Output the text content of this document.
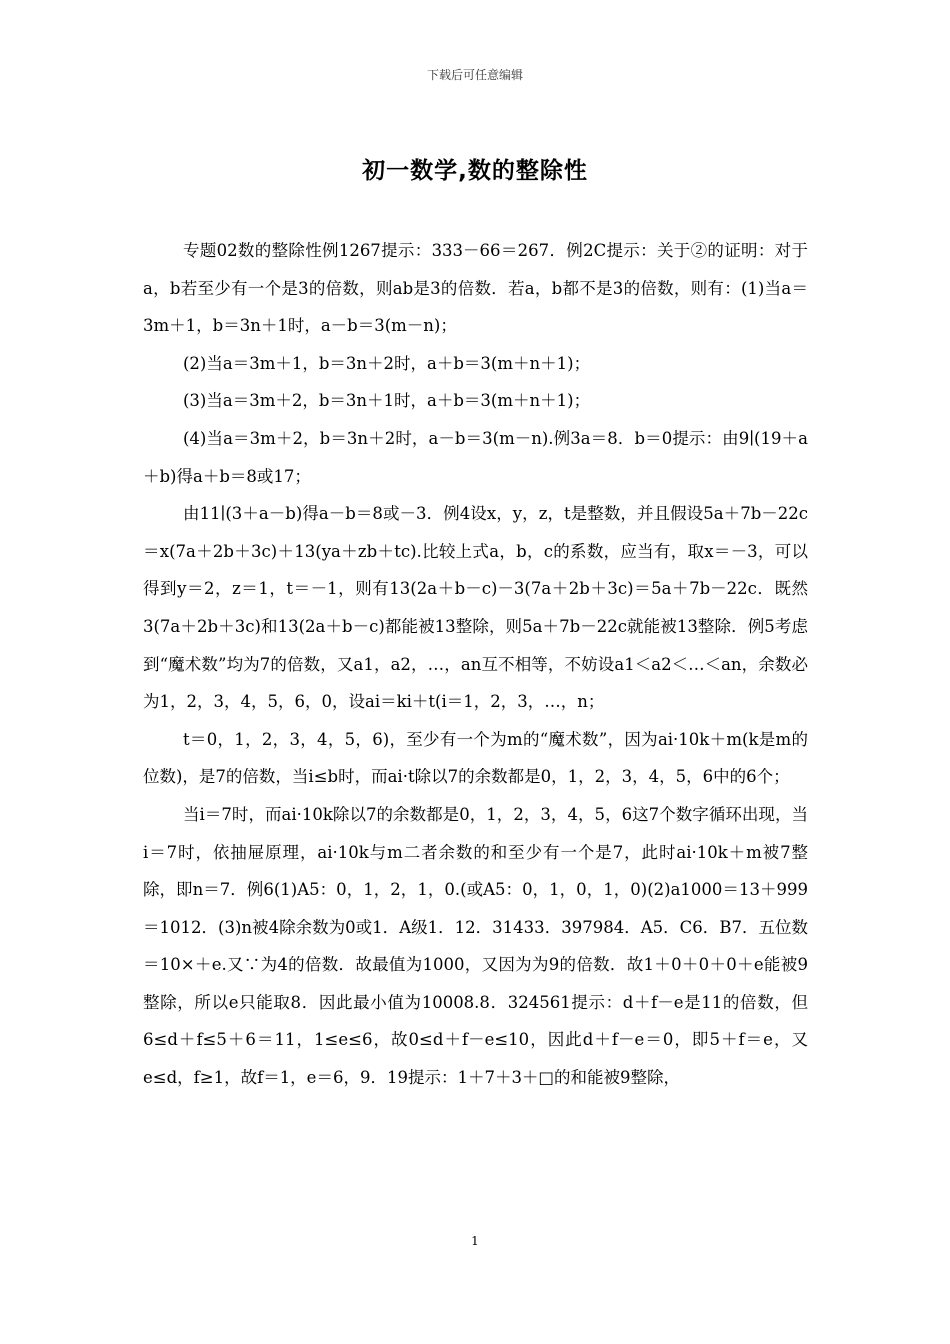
下载后可任意编辑
初一数学,数的整除性

专题02数的整除性例1267提示：333－66＝267．例2C提示：关于②的证明：对于a，b若至少有一个是3的倍数，则ab是3的倍数．若a，b都不是3的倍数，则有：(1)当a＝3m＋1，b＝3n＋1时，a－b＝3(m－n)；

(2)当a＝3m＋1，b＝3n＋2时，a＋b＝3(m＋n＋1)；

(3)当a＝3m＋2，b＝3n＋1时，a＋b＝3(m＋n＋1)；

(4)当a＝3m＋2，b＝3n＋2时，a－b＝3(m－n).例3a＝8．b＝0提示：由9∣(19＋a＋b)得a＋b＝8或17；

由11∣(3＋a－b)得a－b＝8或－3．例4设x，y，z，t是整数，并且假设5a＋7b－22c＝x(7a＋2b＋3c)＋13(ya＋zb＋tc).比较上式a，b，c的系数，应当有，取x＝－3，可以得到y＝2，z＝1，t＝－1，则有13(2a＋b－c)－3(7a＋2b＋3c)＝5a＋7b－22c．既然3(7a＋2b＋3c)和13(2a＋b－c)都能被13整除，则5a＋7b－22c就能被13整除．例5考虑到“魔术数”均为7的倍数，又a1，a2，…，an互不相等，不妨设a1＜a2＜…＜an，余数必为1，2，3，4，5，6，0，设ai＝ki＋t(i＝1，2，3，…，n；

t＝0，1，2，3，4，5，6)，至少有一个为m的“魔术数”，因为ai·10k＋m(k是m的位数)，是7的倍数，当i≤b时，而ai·t除以7的余数都是0，1，2，3，4，5，6中的6个；

当i＝7时，而ai·10k除以7的余数都是0，1，2，3，4，5，6这7个数字循环出现，当i＝7时，依抽屉原理，ai·10k与m二者余数的和至少有一个是7，此时ai·10k＋m被7整除，即n＝7．例6(1)A5：0，1，2，1，0.(或A5：0，1，0，1，0)(2)a1000＝13＋999＝1012．(3)n被4除余数为0或1．A级1．12．31433．397984．A5．C6．B7．五位数＝10×＋e.又∵为4的倍数．故最值为1000，又因为为9的倍数．故1＋0＋0＋0＋e能被9整除，所以e只能取8．因此最小值为10008.8．324561提示：d＋f－e是11的倍数，但6≤d＋f≤5＋6＝11，1≤e≤6，故0≤d＋f－e≤10，因此d＋f－e＝0，即5＋f＝e，又e≤d，f≥1，故f＝1，e＝6，9．19提示：1＋7＋3＋□的和能被9整除，

1
